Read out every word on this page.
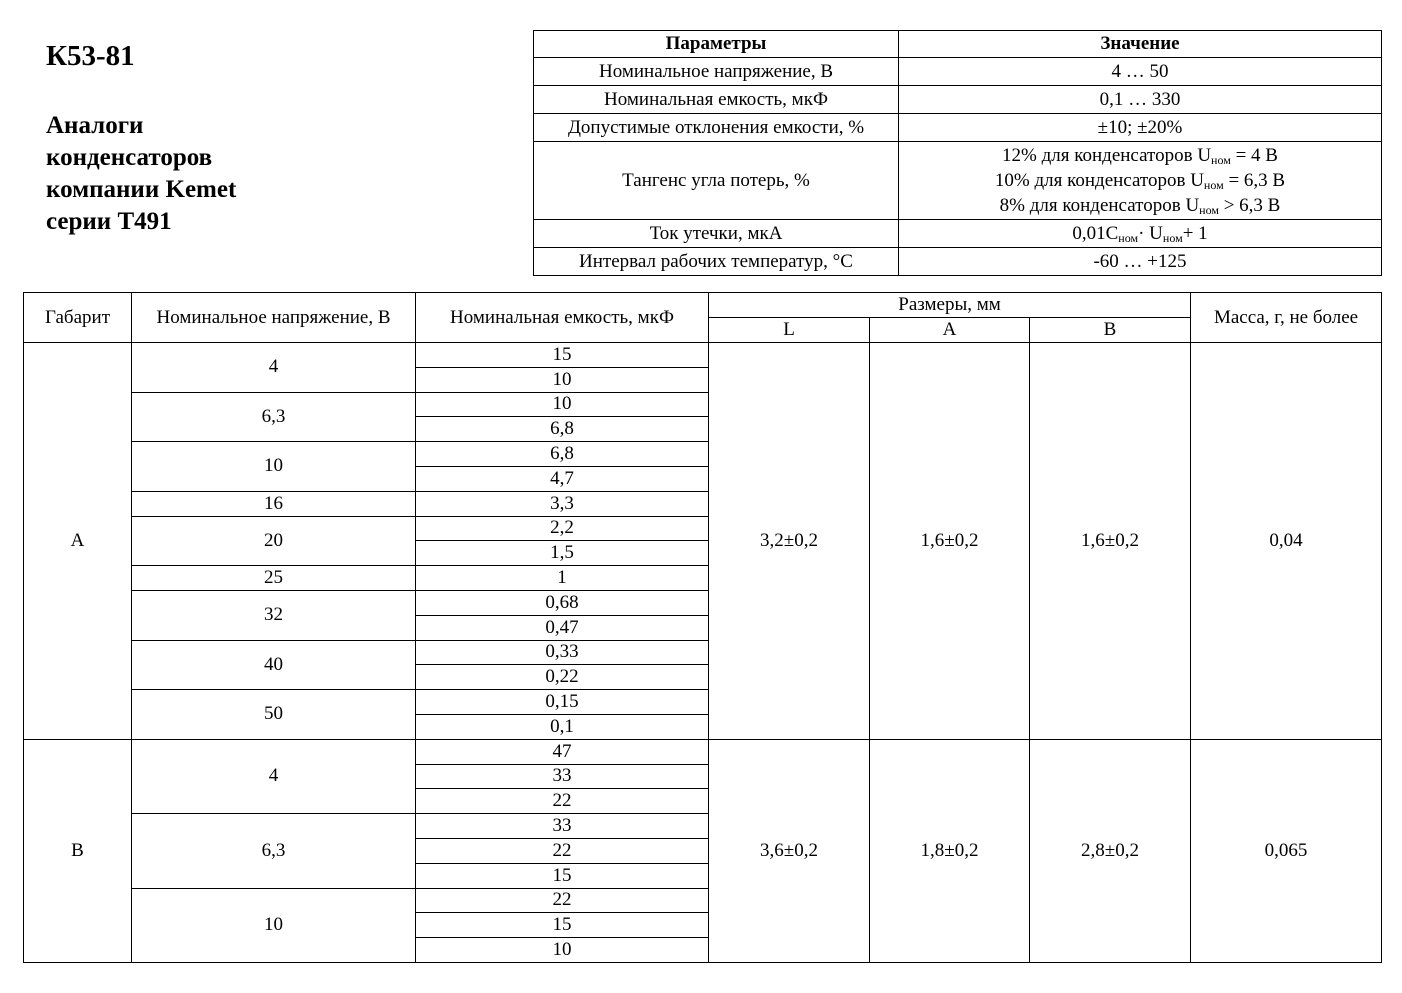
К53-81
Аналоги
конденсаторов
компании Kemet
серии Т491
Параметры	Значение
Номинальное напряжение, В	4 … 50
Номинальная емкость, мкФ	0,1 … 330
Допустимые отклонения емкости, %	±10; ±20%
Тангенс угла потерь, %	12% для конденсаторов $U_{ном} = 4$ В
10% для конденсаторов $U_{ном} = 6,3$ В
8% для конденсаторов $U_{ном} > 6,3$ В

Ток утечки, мкА	$0,01C_{ном}\cdot U_{ном}+ 1$
Интервал рабочих температур, °С	-60 … +125
Габарит	Номинальное напряжение, В	Номинальная емкость, мкФ	Размеры, мм			Масса, г, не более
			L	A	B	
А	4	15	3,2±0,2	1,6±0,2	1,6±0,2	0,04
		10				
	6,3	10				
		6,8				
	10	6,8				
		4,7				
	16	3,3				
	20	2,2				
		1,5				
	25	1				
	32	0,68				
		0,47				
	40	0,33				
		0,22				
	50	0,15				
		0,1				
В	4	47	3,6±0,2	1,8±0,2	2,8±0,2	0,065
		33				
		22				
	6,3	33				
		22				
		15				
	10	22				
		15				
		10				
